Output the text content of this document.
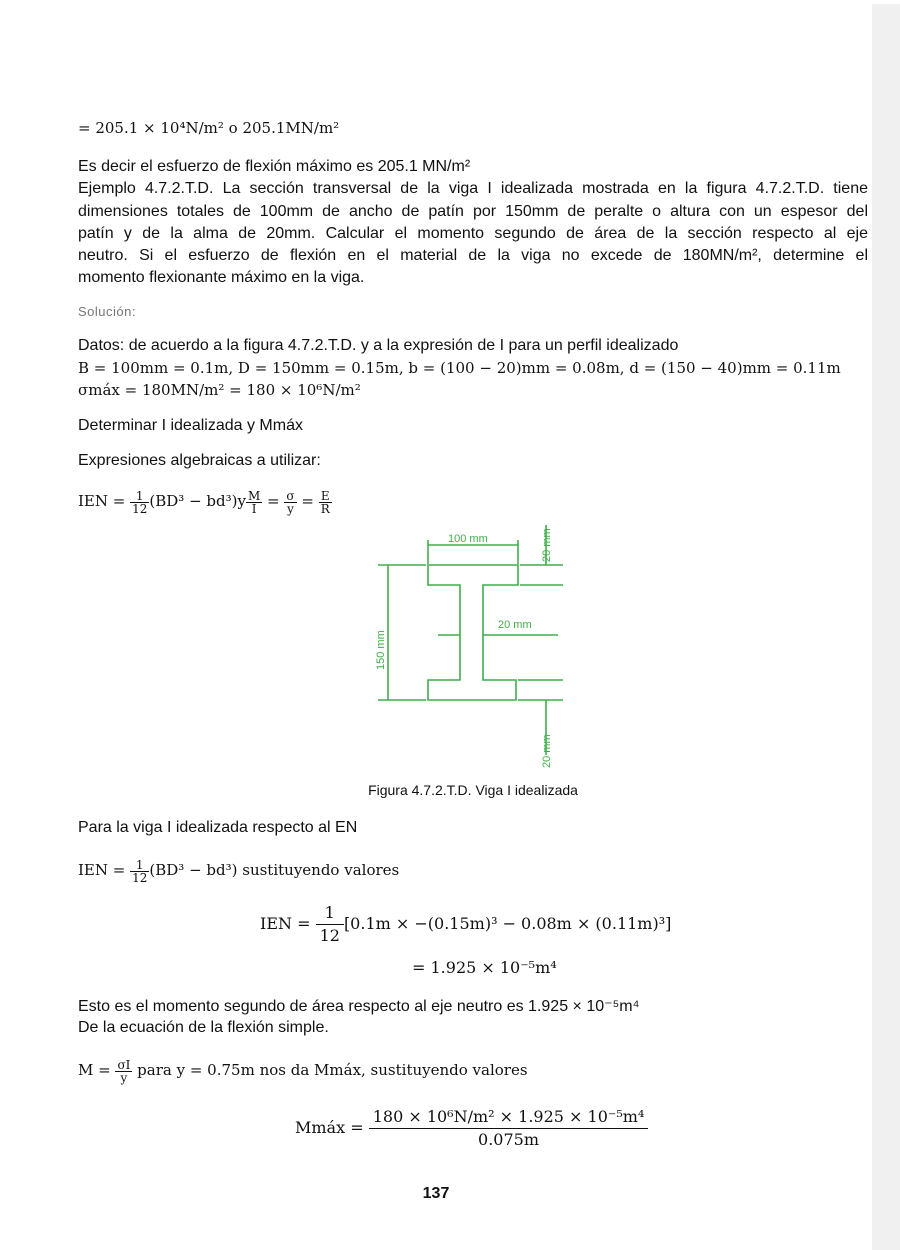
= 205.1 × 10⁴N/m² o 205.1MN/m²
Es decir el esfuerzo de flexión máximo es 205.1 MN/m²
Ejemplo 4.7.2.T.D. La sección transversal de la viga I idealizada mostrada en la figura 4.7.2.T.D. tiene
dimensiones totales de 100mm de ancho de patín por 150mm de peralte o altura con un espesor del
patín y de la alma de 20mm. Calcular el momento segundo de área de la sección respecto al eje
neutro. Si el esfuerzo de flexión en el material de la viga no excede de 180MN/m², determine el
momento flexionante máximo en la viga.
Solución:
Datos: de acuerdo a la figura 4.7.2.T.D. y a la expresión de I para un perfil idealizado
B = 100mm = 0.1m, D = 150mm = 0.15m, b = (100 − 20)mm = 0.08m, d = (150 − 40)mm = 0.11m
σmáx = 180MN/m² = 180 × 10⁶N/m²
Determinar I idealizada y Mmáx
Expresiones algebraicas a utilizar:
IEN = $\frac{1}{12} (BD^3 - bd^3)y \frac{M}{I} = \frac{\sigma}{y} = \frac{E}{R}$
100 mm	20 mm
20 mm
150 mm
20 mm
Figura 4.7.2.T.D. Viga I idealizada
Para la viga I idealizada respecto al EN
IEN = $\frac{1}{12} (BD^3 - bd^3)$ sustituyendo valores
IEN = $\frac{1}{12} [0.1m \times -(0.15m)^3 - 0.08m \times (0.11m)^3]$
= 1.925 × 10⁻⁵m⁴
Esto es el momento segundo de área respecto al eje neutro es 1.925 × 10⁻⁵m⁴
De la ecuación de la flexión simple.
$M = \frac{\sigma I}{y}$ para y = 0.75m nos da Mmáx, sustituyendo valores
Mmáx = $\frac{\text{180 × 10⁶N/m² × 1.925 × 10⁻⁵m⁴}}{0.075m}$
137
